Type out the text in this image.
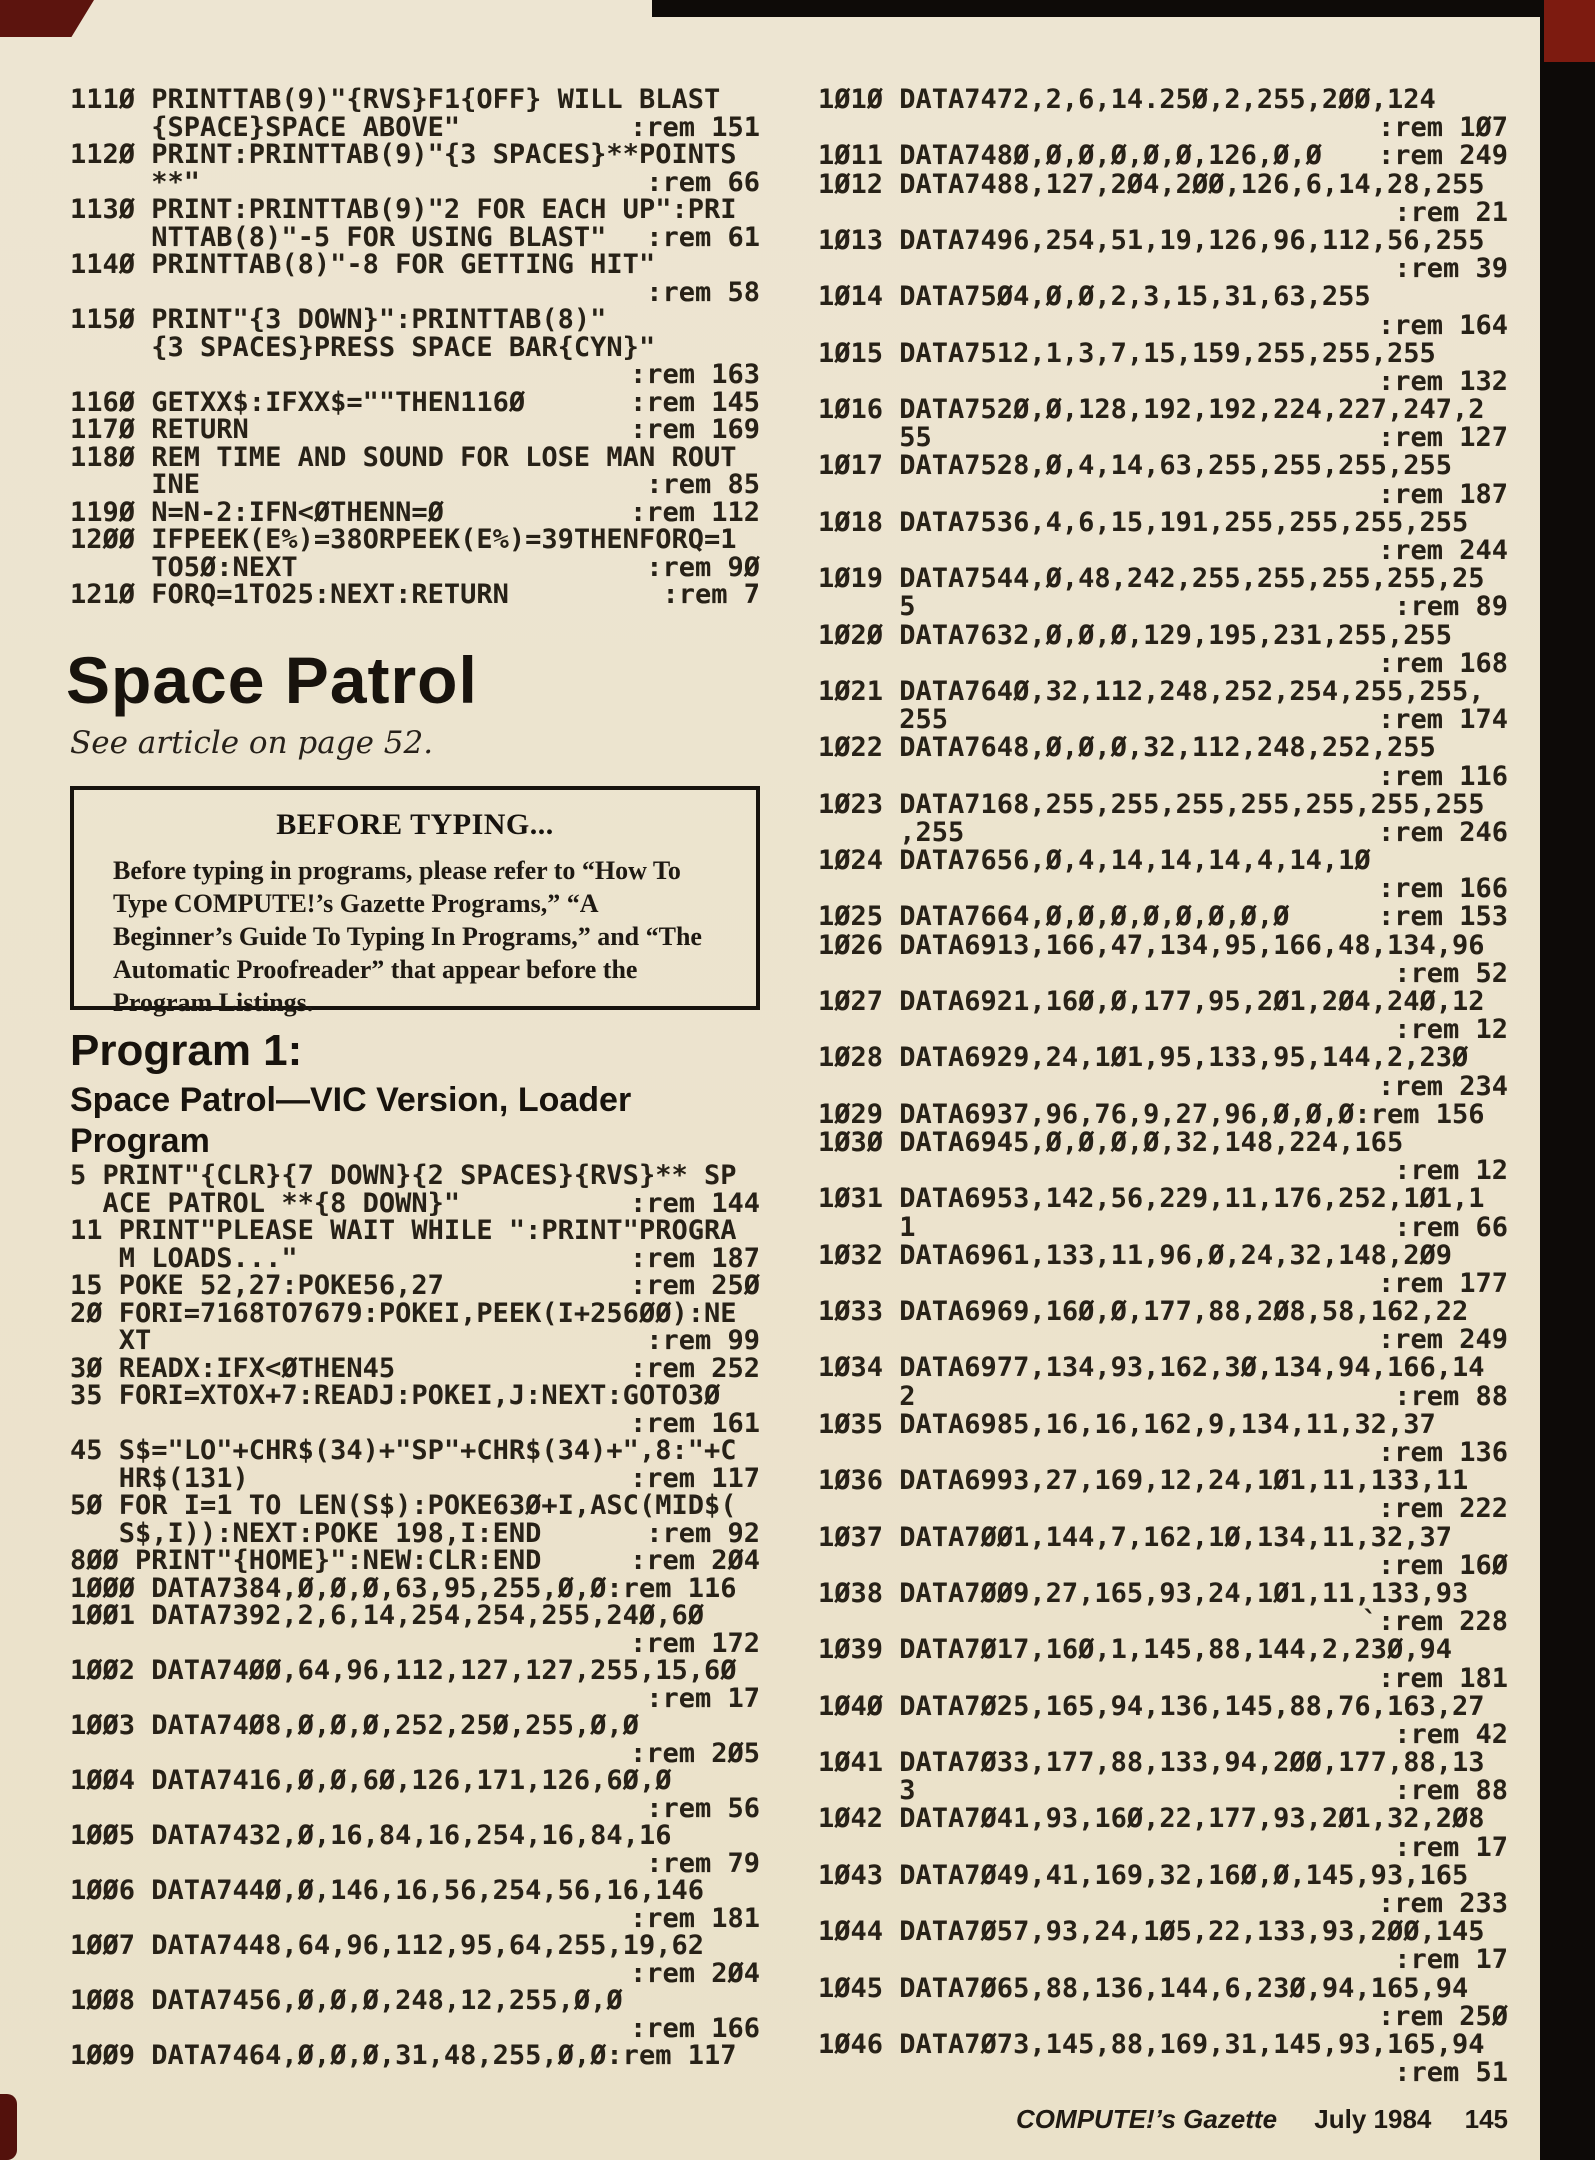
111Ø PRINTTAB(9)"{RVS}F1{OFF} WILL BLAST
{SPACE}SPACE ABOVE"	:rem 151
112Ø PRINT:PRINTTAB(9)"{3 SPACES}**POINTS
**"	:rem 66
113Ø PRINT:PRINTTAB(9)"2 FOR EACH UP":PRI
NTTAB(8)"-5 FOR USING BLAST" :rem 61
114Ø PRINTTAB(8)"-8 FOR GETTING HIT"
:rem 58
115Ø PRINT"{3 DOWN}":PRINTTAB(8)"
{3 SPACES}PRESS SPACE BAR{CYN}"
:rem 163
116Ø GETXX$:IFXX$=""THEN116Ø	:rem 145
117Ø RETURN	:rem 169
118Ø REM TIME AND SOUND FOR LOSE MAN ROUT
INE	:rem 85
119Ø N=N-2:IFN<ØTHENN=Ø	:rem 112
12ØØ IFPEEK(E%)=38ORPEEK(E%)=39THENFORQ=1
TO5Ø:NEXT	:rem 9Ø
121Ø FORQ=1TO25:NEXT:RETURN	:rem 7
Space Patrol
See article on page 52.
BEFORE TYPING...
Before typing in programs, please refer to “How To Type COMPUTE!’s Gazette Programs,” “A Beginner’s Guide To Typing In Programs,” and “The Automatic Proofreader” that appear before the Program Listings.
Program 1:
Space Patrol—VIC Version, Loader Program
5 PRINT"{CLR}{7 DOWN}{2 SPACES}{RVS}** SP
ACE PATROL **{8 DOWN}"	:rem 144
11 PRINT"PLEASE WAIT WHILE ":PRINT"PROGRA
M LOADS..."	:rem 187
15 POKE 52,27:POKE56,27	:rem 25Ø
2Ø FORI=7168TO7679:POKEI,PEEK(I+256ØØ):NE
XT	:rem 99
3Ø READX:IFX<ØTHEN45	:rem 252
35 FORI=XTOX+7:READJ:POKEI,J:NEXT:GOTO3Ø
:rem 161
45 S$="LO"+CHR$(34)+"SP"+CHR$(34)+",8:"+C
HR$(131)	:rem 117
5Ø FOR I=1 TO LEN(S$):POKE63Ø+I,ASC(MID$(
S$,I)):NEXT:POKE 198,I:END	:rem 92
8ØØ PRINT"{HOME}":NEW:CLR:END	:rem 2Ø4
1ØØØ DATA7384,Ø,Ø,Ø,63,95,255,Ø,Ø:rem 116
1ØØ1 DATA7392,2,6,14,254,254,255,24Ø,6Ø
:rem 172
1ØØ2 DATA74ØØ,64,96,112,127,127,255,15,6Ø
:rem 17
1ØØ3 DATA74Ø8,Ø,Ø,Ø,252,25Ø,255,Ø,Ø
:rem 2Ø5
1ØØ4 DATA7416,Ø,Ø,6Ø,126,171,126,6Ø,Ø
:rem 56
1ØØ5 DATA7432,Ø,16,84,16,254,16,84,16
:rem 79
1ØØ6 DATA744Ø,Ø,146,16,56,254,56,16,146
:rem 181
1ØØ7 DATA7448,64,96,112,95,64,255,19,62
:rem 2Ø4
1ØØ8 DATA7456,Ø,Ø,Ø,248,12,255,Ø,Ø
:rem 166
1ØØ9 DATA7464,Ø,Ø,Ø,31,48,255,Ø,Ø:rem 117
1Ø1Ø DATA7472,2,6,14.25Ø,2,255,2ØØ,124
:rem 1Ø7
1Ø11 DATA748Ø,Ø,Ø,Ø,Ø,Ø,126,Ø,Ø :rem 249
1Ø12 DATA7488,127,2Ø4,2ØØ,126,6,14,28,255
:rem 21
1Ø13 DATA7496,254,51,19,126,96,112,56,255
:rem 39
1Ø14 DATA75Ø4,Ø,Ø,2,3,15,31,63,255
:rem 164
1Ø15 DATA7512,1,3,7,15,159,255,255,255
:rem 132
1Ø16 DATA752Ø,Ø,128,192,192,224,227,247,2
55	:rem 127
1Ø17 DATA7528,Ø,4,14,63,255,255,255,255
:rem 187
1Ø18 DATA7536,4,6,15,191,255,255,255,255
:rem 244
1Ø19 DATA7544,Ø,48,242,255,255,255,255,25
5	:rem 89
1Ø2Ø DATA7632,Ø,Ø,Ø,129,195,231,255,255
:rem 168
1Ø21 DATA764Ø,32,112,248,252,254,255,255,
255	:rem 174
1Ø22 DATA7648,Ø,Ø,Ø,32,112,248,252,255
:rem 116
1Ø23 DATA7168,255,255,255,255,255,255,255
,255	:rem 246
1Ø24 DATA7656,Ø,4,14,14,14,4,14,1Ø
:rem 166
1Ø25 DATA7664,Ø,Ø,Ø,Ø,Ø,Ø,Ø,Ø	:rem 153
1Ø26 DATA6913,166,47,134,95,166,48,134,96
:rem 52
1Ø27 DATA6921,16Ø,Ø,177,95,2Ø1,2Ø4,24Ø,12
:rem 12
1Ø28 DATA6929,24,1Ø1,95,133,95,144,2,23Ø
:rem 234
1Ø29 DATA6937,96,76,9,27,96,Ø,Ø,Ø:rem 156
1Ø3Ø DATA6945,Ø,Ø,Ø,Ø,32,148,224,165
:rem 12
1Ø31 DATA6953,142,56,229,11,176,252,1Ø1,1
1	:rem 66
1Ø32 DATA6961,133,11,96,Ø,24,32,148,2Ø9
:rem 177
1Ø33 DATA6969,16Ø,Ø,177,88,2Ø8,58,162,22
:rem 249
1Ø34 DATA6977,134,93,162,3Ø,134,94,166,14
2	:rem 88
1Ø35 DATA6985,16,16,162,9,134,11,32,37
:rem 136
1Ø36 DATA6993,27,169,12,24,1Ø1,11,133,11
:rem 222
1Ø37 DATA7ØØ1,144,7,162,1Ø,134,11,32,37
:rem 16Ø
1Ø38 DATA7ØØ9,27,165,93,24,1Ø1,11,133,93
`:rem 228
1Ø39 DATA7Ø17,16Ø,1,145,88,144,2,23Ø,94
:rem 181
1Ø4Ø DATA7Ø25,165,94,136,145,88,76,163,27
:rem 42
1Ø41 DATA7Ø33,177,88,133,94,2ØØ,177,88,13
3	:rem 88
1Ø42 DATA7Ø41,93,16Ø,22,177,93,2Ø1,32,2Ø8
:rem 17
1Ø43 DATA7Ø49,41,169,32,16Ø,Ø,145,93,165
:rem 233
1Ø44 DATA7Ø57,93,24,1Ø5,22,133,93,2ØØ,145
:rem 17
1Ø45 DATA7Ø65,88,136,144,6,23Ø,94,165,94
:rem 25Ø
1Ø46 DATA7Ø73,145,88,169,31,145,93,165,94
:rem 51
COMPUTE!’s Gazette July 1984 145
